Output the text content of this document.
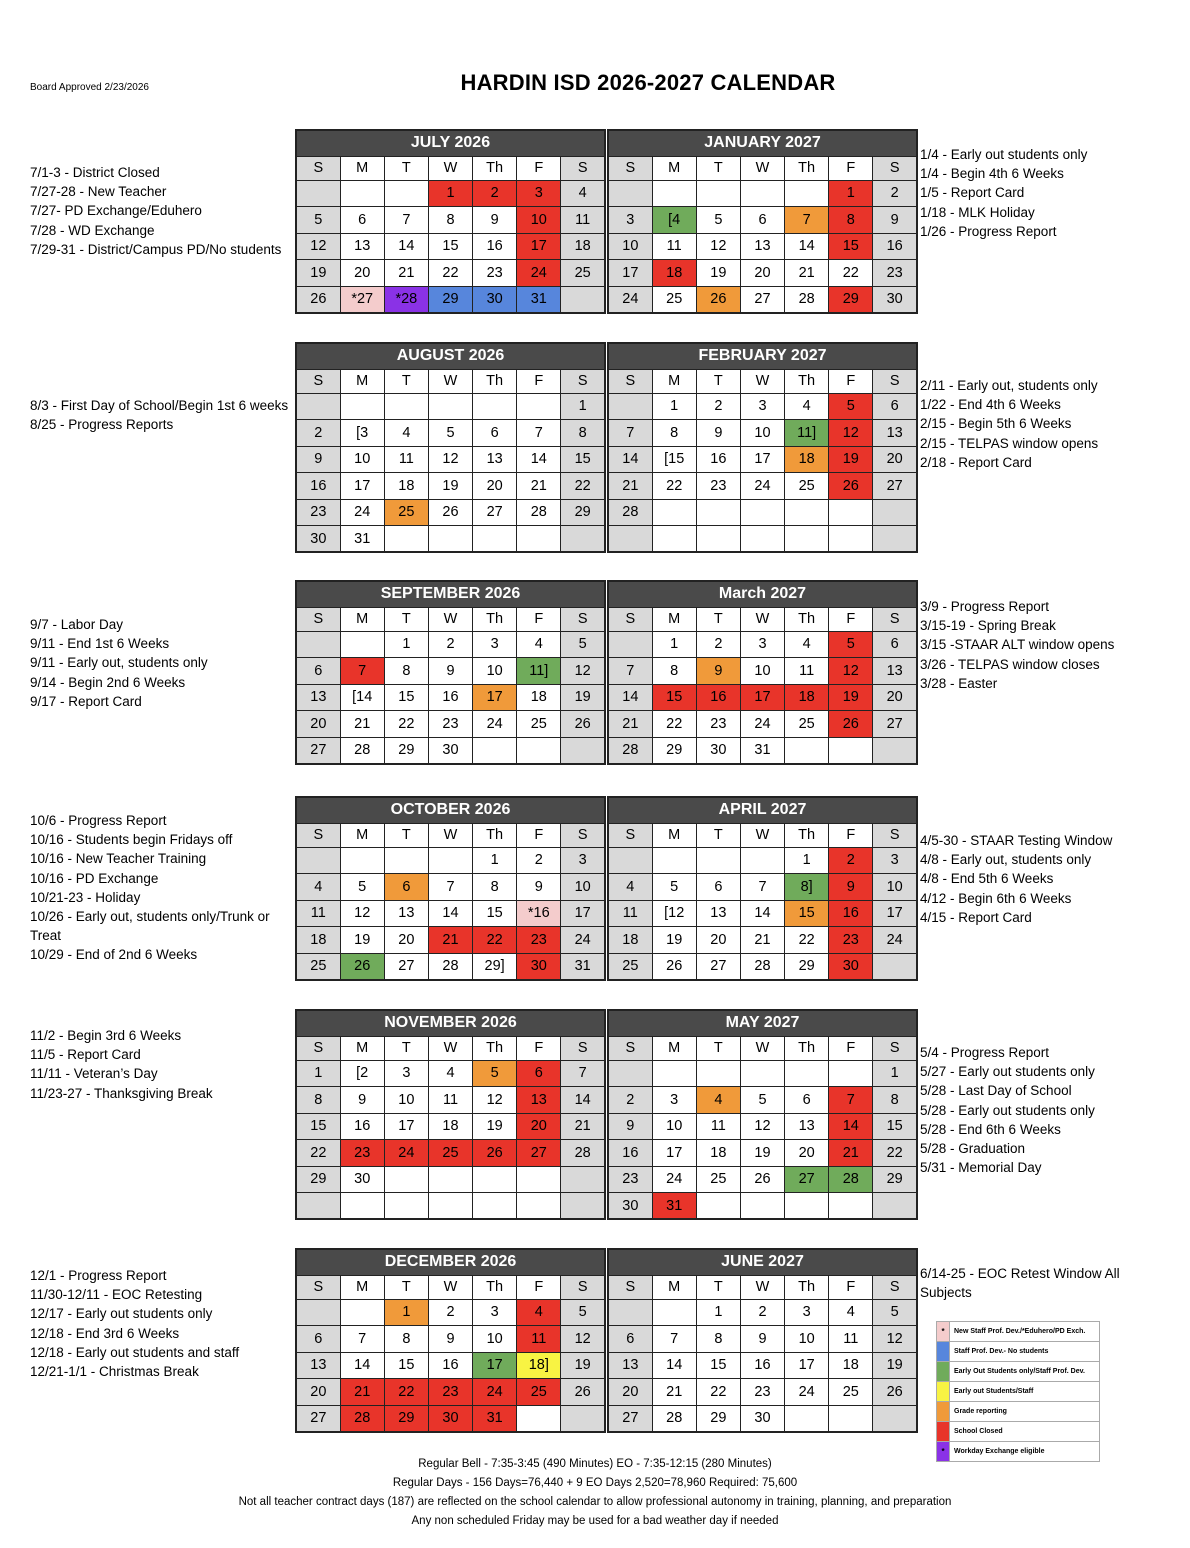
Board Approved 2/23/2026	HARDIN ISD 2026-2027 CALENDAR
JULY 2026						
S	M	T	W	Th	F	S
			1	2	3	4
5	6	7	8	9	10	11
12	13	14	15	16	17	18
19	20	21	22	23	24	25
26	*27	*28	29	30	31	
JANUARY 2027						
S	M	T	W	Th	F	S
					1	2
3	[4	5	6	7	8	9
10	11	12	13	14	15	16
17	18	19	20	21	22	23
24	25	26	27	28	29	30
AUGUST 2026						
S	M	T	W	Th	F	S
						1
2	[3	4	5	6	7	8
9	10	11	12	13	14	15
16	17	18	19	20	21	22
23	24	25	26	27	28	29
30	31					
FEBRUARY 2027						
S	M	T	W	Th	F	S
	1	2	3	4	5	6
7	8	9	10	11]	12	13
14	[15	16	17	18	19	20
21	22	23	24	25	26	27
28						

SEPTEMBER 2026						
S	M	T	W	Th	F	S
		1	2	3	4	5
6	7	8	9	10	11]	12
13	[14	15	16	17	18	19
20	21	22	23	24	25	26
27	28	29	30			
March 2027						
S	M	T	W	Th	F	S
	1	2	3	4	5	6
7	8	9	10	11	12	13
14	15	16	17	18	19	20
21	22	23	24	25	26	27
28	29	30	31			
OCTOBER 2026						
S	M	T	W	Th	F	S
				1	2	3
4	5	6	7	8	9	10
11	12	13	14	15	*16	17
18	19	20	21	22	23	24
25	26	27	28	29]	30	31
APRIL 2027						
S	M	T	W	Th	F	S
				1	2	3
4	5	6	7	8]	9	10
11	[12	13	14	15	16	17
18	19	20	21	22	23	24
25	26	27	28	29	30	
NOVEMBER 2026						
S	M	T	W	Th	F	S
1	[2	3	4	5	6	7
8	9	10	11	12	13	14
15	16	17	18	19	20	21
22	23	24	25	26	27	28
29	30					

MAY 2027						
S	M	T	W	Th	F	S
						1
2	3	4	5	6	7	8
9	10	11	12	13	14	15
16	17	18	19	20	21	22
23	24	25	26	27	28	29
30	31					
DECEMBER 2026						
S	M	T	W	Th	F	S
		1	2	3	4	5
6	7	8	9	10	11	12
13	14	15	16	17	18]	19
20	21	22	23	24	25	26
27	28	29	30	31		
JUNE 2027						
S	M	T	W	Th	F	S
		1	2	3	4	5
6	7	8	9	10	11	12
13	14	15	16	17	18	19
20	21	22	23	24	25	26
27	28	29	30			
7/1-3 - District Closed
7/27-28 - New Teacher
7/27- PD Exchange/Eduhero
7/28 - WD Exchange
7/29-31 - District/Campus PD/No students
8/3 - First Day of School/Begin 1st 6 weeks
8/25 - Progress Reports
9/7 - Labor Day
9/11 - End 1st 6 Weeks
9/11 - Early out, students only
9/14 - Begin 2nd 6 Weeks
9/17 - Report Card
10/6 - Progress Report
10/16 - Students begin Fridays off
10/16 - New Teacher Training
10/16 - PD Exchange
10/21-23 - Holiday
10/26 - Early out, students only/Trunk or Treat
10/29 - End of 2nd 6 Weeks
11/2 - Begin 3rd 6 Weeks
11/5 - Report Card
11/11 - Veteran’s Day
11/23-27 - Thanksgiving Break
12/1 - Progress Report
11/30-12/11 - EOC Retesting
12/17 - Early out students only
12/18 - End 3rd 6 Weeks
12/18 - Early out students and staff
12/21-1/1 - Christmas Break
1/4 - Early out students only
1/4 - Begin 4th 6 Weeks
1/5 - Report Card
1/18 - MLK Holiday
1/26 - Progress Report
2/11 - Early out, students only
1/22 - End 4th 6 Weeks
2/15 - Begin 5th 6 Weeks
2/15 - TELPAS window opens
2/18 - Report Card
3/9 - Progress Report
3/15-19 - Spring Break
3/15 -STAAR ALT window opens
3/26 - TELPAS window closes
3/28 - Easter
4/5-30 - STAAR Testing Window
4/8 - Early out, students only
4/8 - End 5th 6 Weeks
4/12 - Begin 6th 6 Weeks
4/15 - Report Card
5/4 - Progress Report
5/27 - Early out students only
5/28 - Last Day of School
5/28 - Early out students only
5/28 - End 6th 6 Weeks
5/28 - Graduation
5/31 - Memorial Day
6/14-25 - EOC Retest Window All Subjects
*	New Staff Prof. Dev./*Eduhero/PD Exch.
	Staff Prof. Dev.- No students
	Early Out Students only/Staff Prof. Dev.
	Early out Students/Staff
	Grade reporting
	School Closed
*	Workday Exchange eligible
Regular Bell - 7:35-3:45 (490 Minutes) EO - 7:35-12:15 (280 Minutes)
Regular Days - 156 Days=76,440 + 9 EO Days 2,520=78,960 Required: 75,600
Not all teacher contract days (187) are reflected on the school calendar to allow professional autonomy in training, planning, and preparation
Any non scheduled Friday may be used for a bad weather day if needed
